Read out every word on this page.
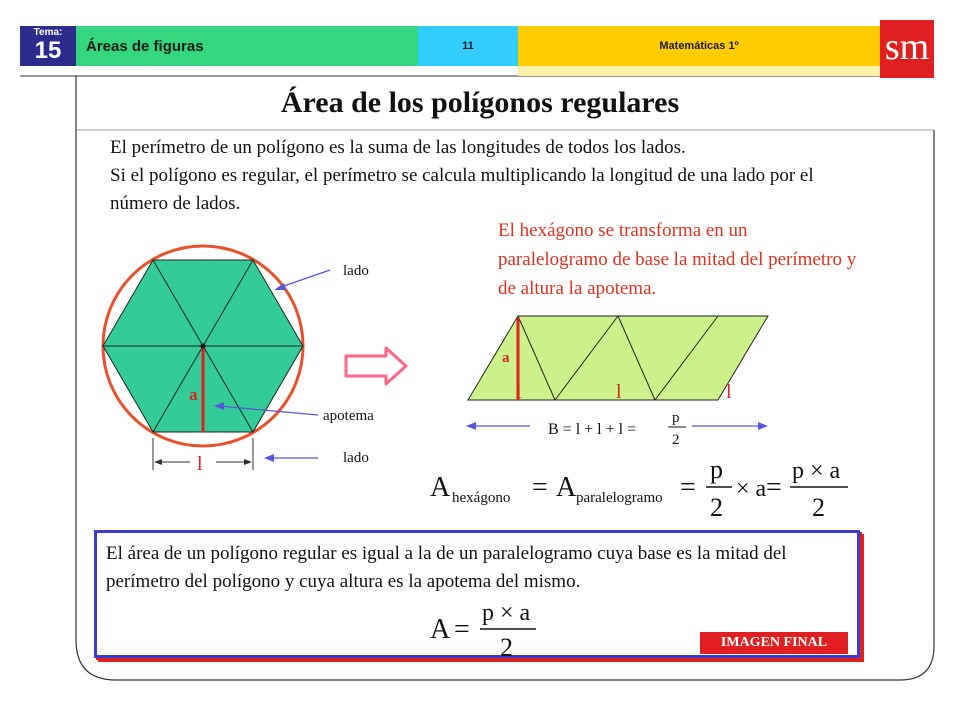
Tema:
15	Áreas de figuras	11	Matemáticas 1º	sm
Área de los polígonos regulares

El perímetro de un polígono es la suma de las longitudes de todos los lados.

Si el polígono es regular, el perímetro se calcula multiplicando la longitud de una lado por el número de lados.

El hexágono se transforma en un paralelogramo de base la mitad del perímetro y de altura la apotema.
a
l
lado
apotema
lado
a
l	l	l
B = l + l + l =
p
2
A hexágono = A paralelogramo =
p
2
× a =
p × a
2
El área de un polígono regular es igual a la de un paralelogramo cuya base es la mitad del perímetro del polígono y cuya altura es la apotema del mismo.
A =
p × a
2	IMAGEN FINAL
